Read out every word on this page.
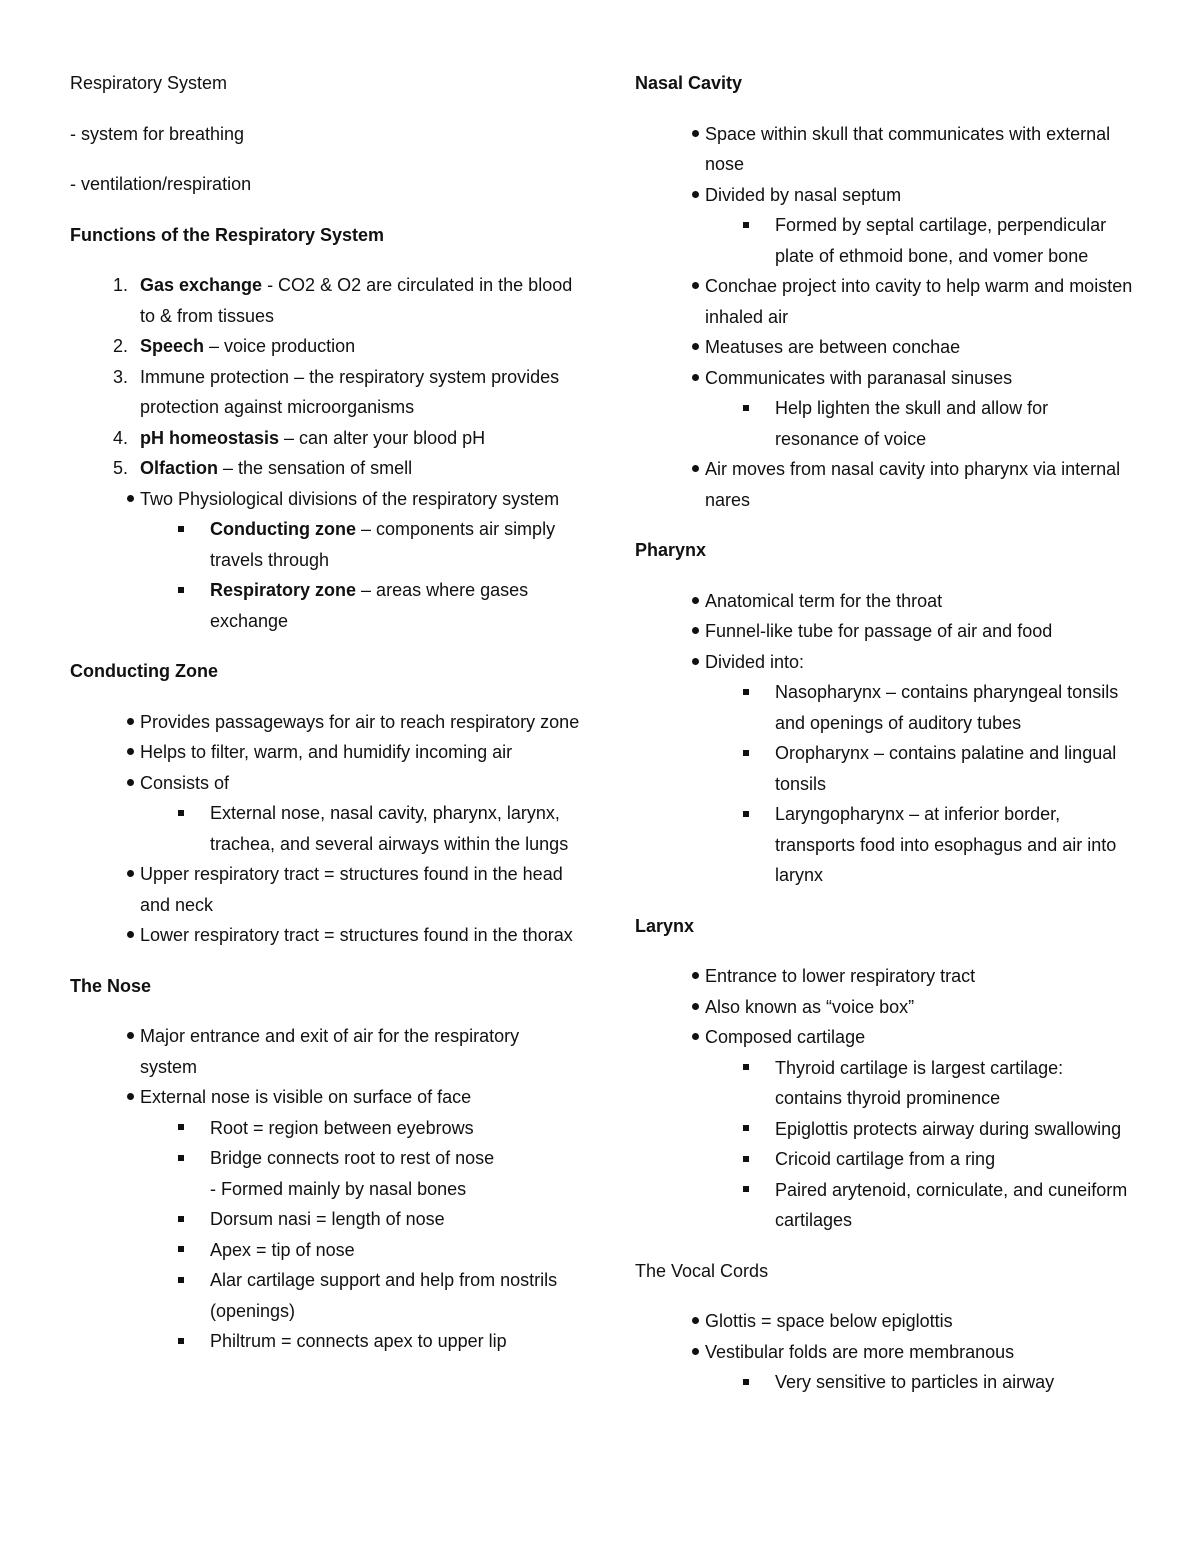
Respiratory System

- system for breathing

- ventilation/respiration

Functions of the Respiratory System

1. Gas exchange - CO2 & O2 are circulated in the blood to & from tissues
2. Speech – voice production
3. Immune protection – the respiratory system provides protection against microorganisms
4. pH homeostasis – can alter your blood pH
5. Olfaction – the sensation of smell
Two Physiological divisions of the respiratory system
Conducting zone – components air simply travels through
Respiratory zone – areas where gases exchange

Conducting Zone

Provides passageways for air to reach respiratory zone
Helps to filter, warm, and humidify incoming air
Consists of
External nose, nasal cavity, pharynx, larynx, trachea, and several airways within the lungs
Upper respiratory tract = structures found in the head and neck
Lower respiratory tract = structures found in the thorax

The Nose

Major entrance and exit of air for the respiratory system
External nose is visible on surface of face
Root = region between eyebrows
Bridge connects root to rest of nose
- Formed mainly by nasal bones
Dorsum nasi = length of nose
Apex = tip of nose
Alar cartilage support and help from nostrils (openings)
Philtrum = connects apex to upper lip

Nasal Cavity

Space within skull that communicates with external nose
Divided by nasal septum
Formed by septal cartilage, perpendicular plate of ethmoid bone, and vomer bone
Conchae project into cavity to help warm and moisten inhaled air
Meatuses are between conchae
Communicates with paranasal sinuses
Help lighten the skull and allow for resonance of voice
Air moves from nasal cavity into pharynx via internal nares

Pharynx

Anatomical term for the throat
Funnel-like tube for passage of air and food
Divided into:
Nasopharynx – contains pharyngeal tonsils and openings of auditory tubes
Oropharynx – contains palatine and lingual tonsils
Laryngopharynx – at inferior border, transports food into esophagus and air into larynx

Larynx

Entrance to lower respiratory tract
Also known as “voice box”
Composed cartilage
Thyroid cartilage is largest cartilage: contains thyroid prominence
Epiglottis protects airway during swallowing
Cricoid cartilage from a ring
Paired arytenoid, corniculate, and cuneiform cartilages

The Vocal Cords

Glottis = space below epiglottis
Vestibular folds are more membranous
Very sensitive to particles in airway
